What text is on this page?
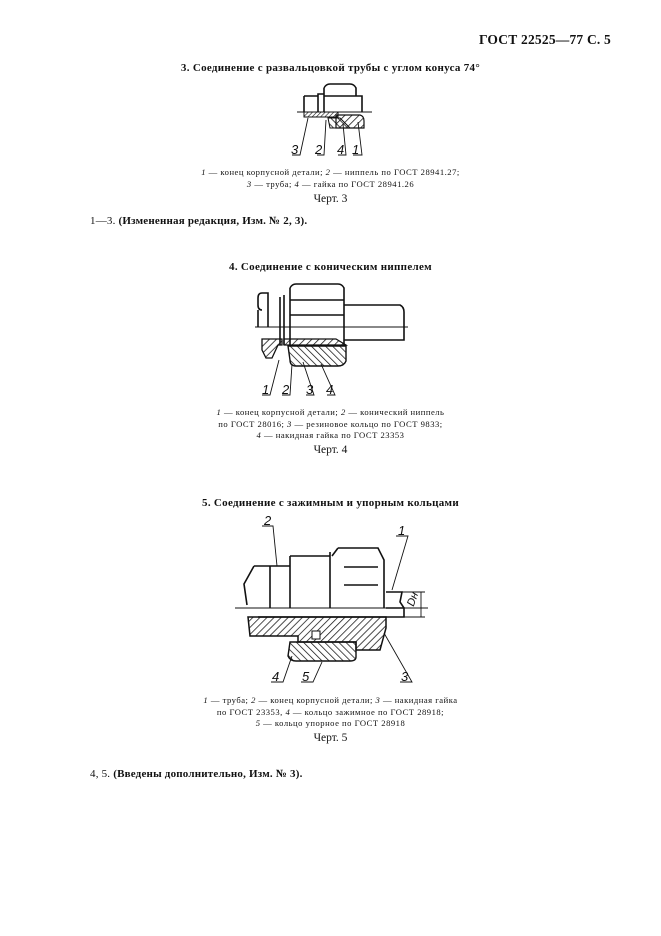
ГОСТ 22525—77 С. 5
3. Соединение с развальцовкой трубы с углом конуса 74°
3 2 4 1
1 2 3 4
Dн
2
1
4 5	3
1 — конец корпусной детали; 2 — ниппель по ГОСТ 28941.27;
3 — труба; 4 — гайка по ГОСТ 28941.26
Черт. 3
1—3. (Измененная редакция, Изм. № 2, 3).
4. Соединение с коническим ниппелем
1 — конец корпусной детали; 2 — конический ниппель
по ГОСТ 28016; 3 — резиновое кольцо по ГОСТ 9833;
4 — накидная гайка по ГОСТ 23353
Черт. 4
5. Соединение с зажимным и упорным кольцами
1 — труба; 2 — конец корпусной детали; 3 — накидная гайка
по ГОСТ 23353, 4 — кольцо зажимное по ГОСТ 28918;
5 — кольцо упорное по ГОСТ 28918
Черт. 5
4, 5. (Введены дополнительно, Изм. № 3).
